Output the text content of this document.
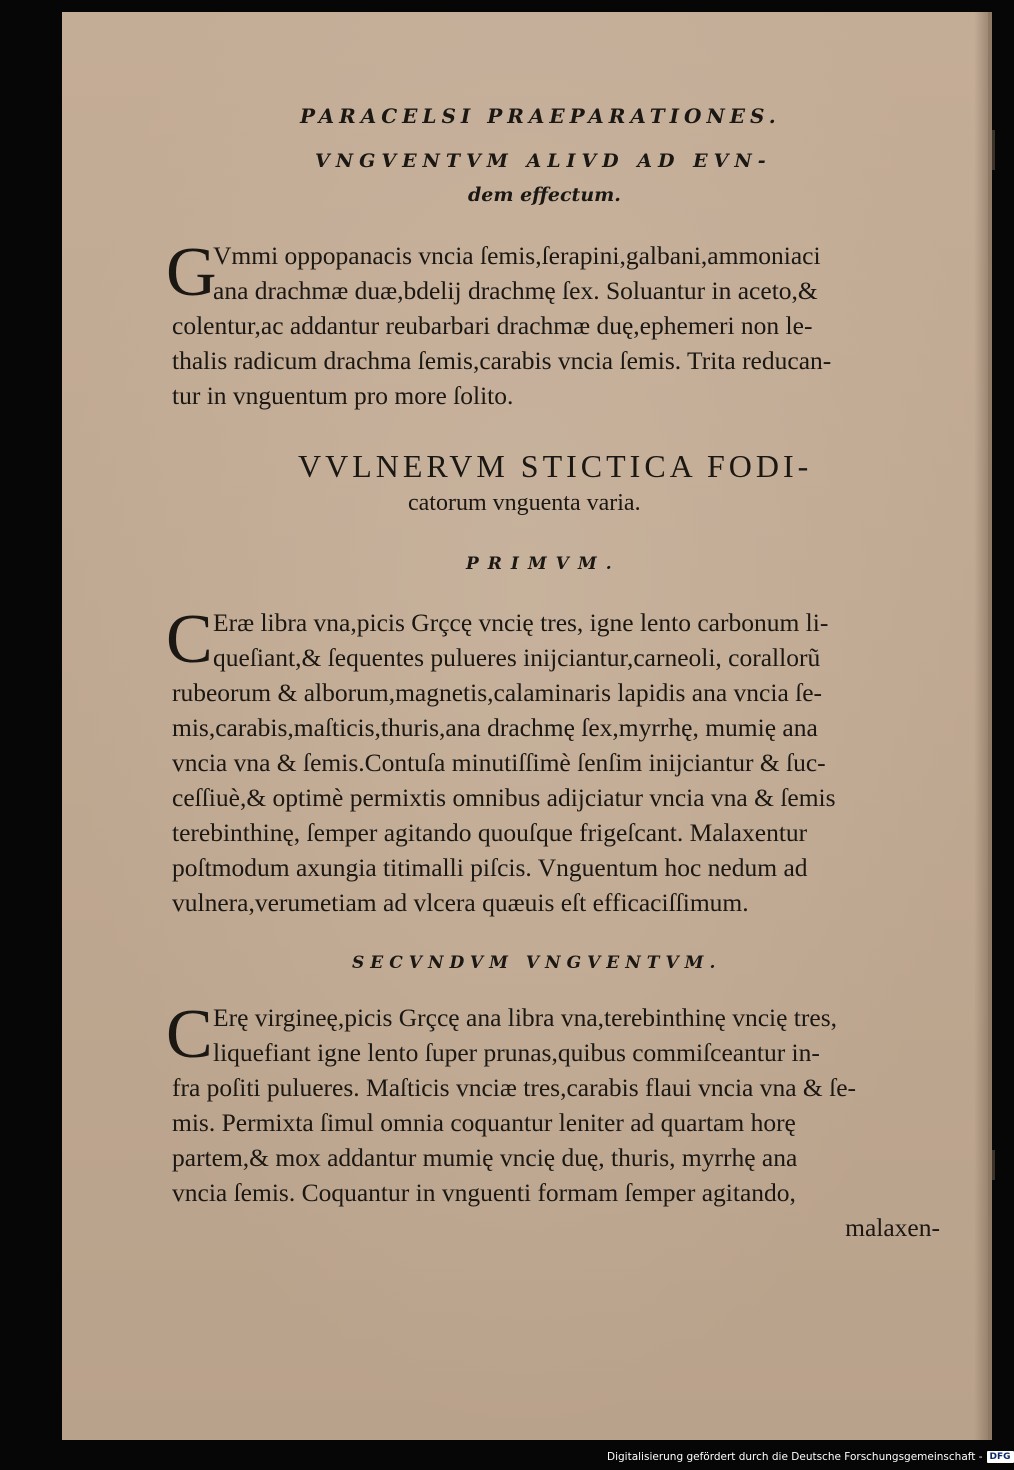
PARACELSI PRAEPARATIONES.
VNGVENTVM ALIVD AD EVN-
dem effectum.
G
Vmmi oppopanacis vncia ſemis,ſerapini,galbani,ammoniaci
ana drachmæ duæ,bdelij drachmę ſex. Soluantur in aceto,&
colentur,ac addantur reubarbari drachmæ duę,ephemeri non le-
thalis radicum drachma ſemis,carabis vncia ſemis. Trita reducan-
tur in vnguentum pro more ſolito.
VVLNERVM STICTICA FODI-
catorum vnguenta varia.
PRIMVM.
C Eræ libra vna,picis Grçcę vncię tres, igne lento carbonum li-
queſiant,& ſequentes pulueres inijciantur,carneoli, corallorũ
rubeorum & alborum,magnetis,calaminaris lapidis ana vncia ſe-
mis,carabis,maſticis,thuris,ana drachmę ſex,myrrhę, mumię ana
vncia vna & ſemis.Contuſa minutiſſimè ſenſim inijciantur & ſuc-
ceſſiuè,& optimè permixtis omnibus adijciatur vncia vna & ſemis
terebinthinę, ſemper agitando quouſque frigeſcant. Malaxentur
poſtmodum axungia titimalli piſcis. Vnguentum hoc nedum ad
vulnera,verumetiam ad vlcera quæuis eſt efficaciſſimum.
SECVNDVM VNGVENTVM.
C Erę virgineę,picis Grçcę ana libra vna,terebinthinę vncię tres,
liquefiant igne lento ſuper prunas,quibus commiſceantur in-
fra poſiti pulueres. Maſticis vnciæ tres,carabis flaui vncia vna & ſe-
mis. Permixta ſimul omnia coquantur leniter ad quartam horę
partem,& mox addantur mumię vncię duę, thuris, myrrhę ana
vncia ſemis. Coquantur in vnguenti formam ſemper agitando,
malaxen-
Digitalisierung gefördert durch die Deutsche Forschungsgemeinschaft - DFG
